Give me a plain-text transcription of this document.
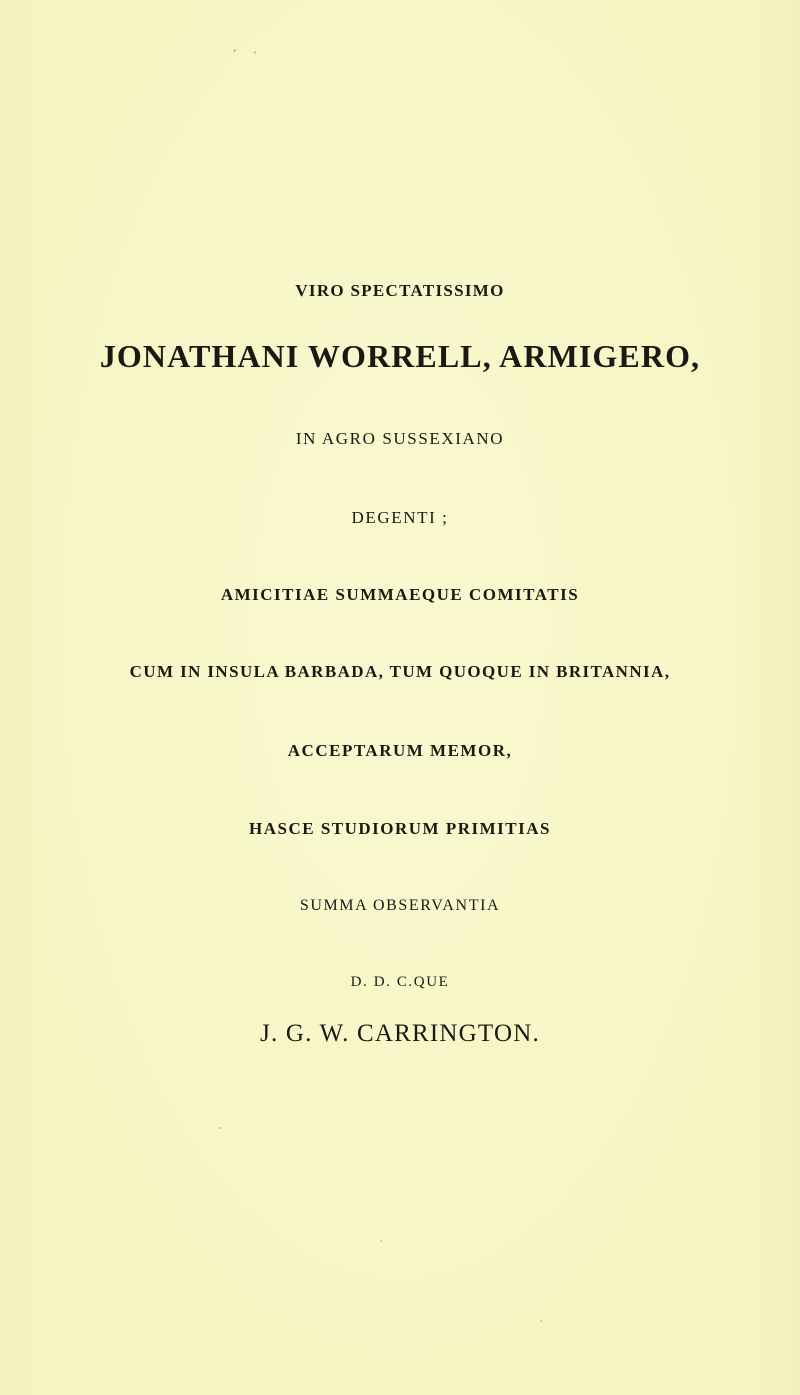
VIRO SPECTATISSIMO
JONATHANI WORRELL, ARMIGERO,
IN AGRO SUSSEXIANO
DEGENTI ;
AMICITIAE SUMMAEQUE COMITATIS
CUM IN INSULA BARBADA, TUM QUOQUE IN BRITANNIA,
ACCEPTARUM MEMOR,
HASCE STUDIORUM PRIMITIAS
SUMMA OBSERVANTIA
D. D. C.QUE
J. G. W. CARRINGTON.
